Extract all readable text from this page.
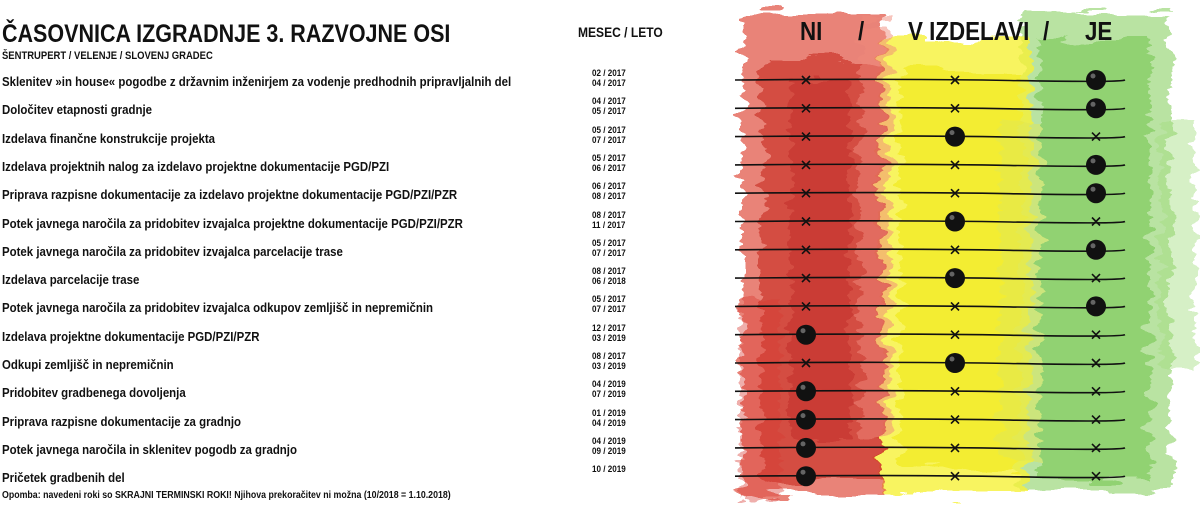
ČASOVNICA IZGRADNJE 3. RAZVOJNE OSI
ŠENTRUPERT / VELENJE / SLOVENJ GRADEC
MESEC / LETO	NI / V IZDELAVI / JE
Sklenitev »in house« pogodbe z državnim inženirjem za vodenje predhodnih pripravljalnih del
02 / 2017
04 / 2017
Določitev etapnosti gradnje
04 / 2017
05 / 2017
Izdelava finančne konstrukcije projekta
05 / 2017
07 / 2017
Izdelava projektnih nalog za izdelavo projektne dokumentacije PGD/PZI
05 / 2017
06 / 2017
Priprava razpisne dokumentacije za izdelavo projektne dokumentacije PGD/PZI/PZR
06 / 2017
08 / 2017
Potek javnega naročila za pridobitev izvajalca projektne dokumentacije PGD/PZI/PZR
08 / 2017
11 / 2017
Potek javnega naročila za pridobitev izvajalca parcelacije trase
05 / 2017
07 / 2017
Izdelava parcelacije trase
08 / 2017
06 / 2018
Potek javnega naročila za pridobitev izvajalca odkupov zemljišč in nepremičnin
05 / 2017
07 / 2017
Izdelava projektne dokumentacije PGD/PZI/PZR
12 / 2017
03 / 2019
Odkupi zemljišč in nepremičnin
08 / 2017
03 / 2019
Pridobitev gradbenega dovoljenja
04 / 2019
07 / 2019
Priprava razpisne dokumentacije za gradnjo
01 / 2019
04 / 2019
Potek javnega naročila in sklenitev pogodb za gradnjo
04 / 2019
09 / 2019
Pričetek gradbenih del
10 / 2019
Opomba: navedeni roki so SKRAJNI TERMINSKI ROKI! Njihova prekoračitev ni možna (10/2018 = 1.10.2018)
